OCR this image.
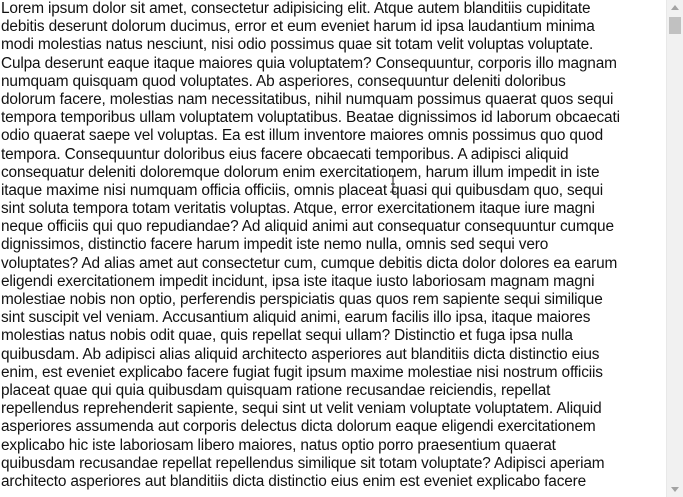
Lorem ipsum dolor sit amet, consectetur adipisicing elit. Atque autem blanditiis cupiditate
debitis deserunt dolorum ducimus, error et eum eveniet harum id ipsa laudantium minima
modi molestias natus nesciunt, nisi odio possimus quae sit totam velit voluptas voluptate.
Culpa deserunt eaque itaque maiores quia voluptatem? Consequuntur, corporis illo magnam
numquam quisquam quod voluptates. Ab asperiores, consequuntur deleniti doloribus
dolorum facere, molestias nam necessitatibus, nihil numquam possimus quaerat quos sequi
tempora temporibus ullam voluptatem voluptatibus. Beatae dignissimos id laborum obcaecati
odio quaerat saepe vel voluptas. Ea est illum inventore maiores omnis possimus quo quod
tempora. Consequuntur doloribus eius facere obcaecati temporibus. A adipisci aliquid
consequatur deleniti doloremque dolorum enim exercitationem, harum illum impedit in iste
itaque maxime nisi numquam officia officiis, omnis placeat quasi qui quibusdam quo, sequi
sint soluta tempora totam veritatis voluptas. Atque, error exercitationem itaque iure magni
neque officiis qui quo repudiandae? Ad aliquid animi aut consequatur consequuntur cumque
dignissimos, distinctio facere harum impedit iste nemo nulla, omnis sed sequi vero
voluptates? Ad alias amet aut consectetur cum, cumque debitis dicta dolor dolores ea earum
eligendi exercitationem impedit incidunt, ipsa iste itaque iusto laboriosam magnam magni
molestiae nobis non optio, perferendis perspiciatis quas quos rem sapiente sequi similique
sint suscipit vel veniam. Accusantium aliquid animi, earum facilis illo ipsa, itaque maiores
molestias natus nobis odit quae, quis repellat sequi ullam? Distinctio et fuga ipsa nulla
quibusdam. Ab adipisci alias aliquid architecto asperiores aut blanditiis dicta distinctio eius
enim, est eveniet explicabo facere fugiat fugit ipsum maxime molestiae nisi nostrum officiis
placeat quae qui quia quibusdam quisquam ratione recusandae reiciendis, repellat
repellendus reprehenderit sapiente, sequi sint ut velit veniam voluptate voluptatem. Aliquid
asperiores assumenda aut corporis delectus dicta dolorum eaque eligendi exercitationem
explicabo hic iste laboriosam libero maiores, natus optio porro praesentium quaerat
quibusdam recusandae repellat repellendus similique sit totam voluptate? Adipisci aperiam
architecto asperiores aut blanditiis dicta distinctio eius enim est eveniet explicabo facere
